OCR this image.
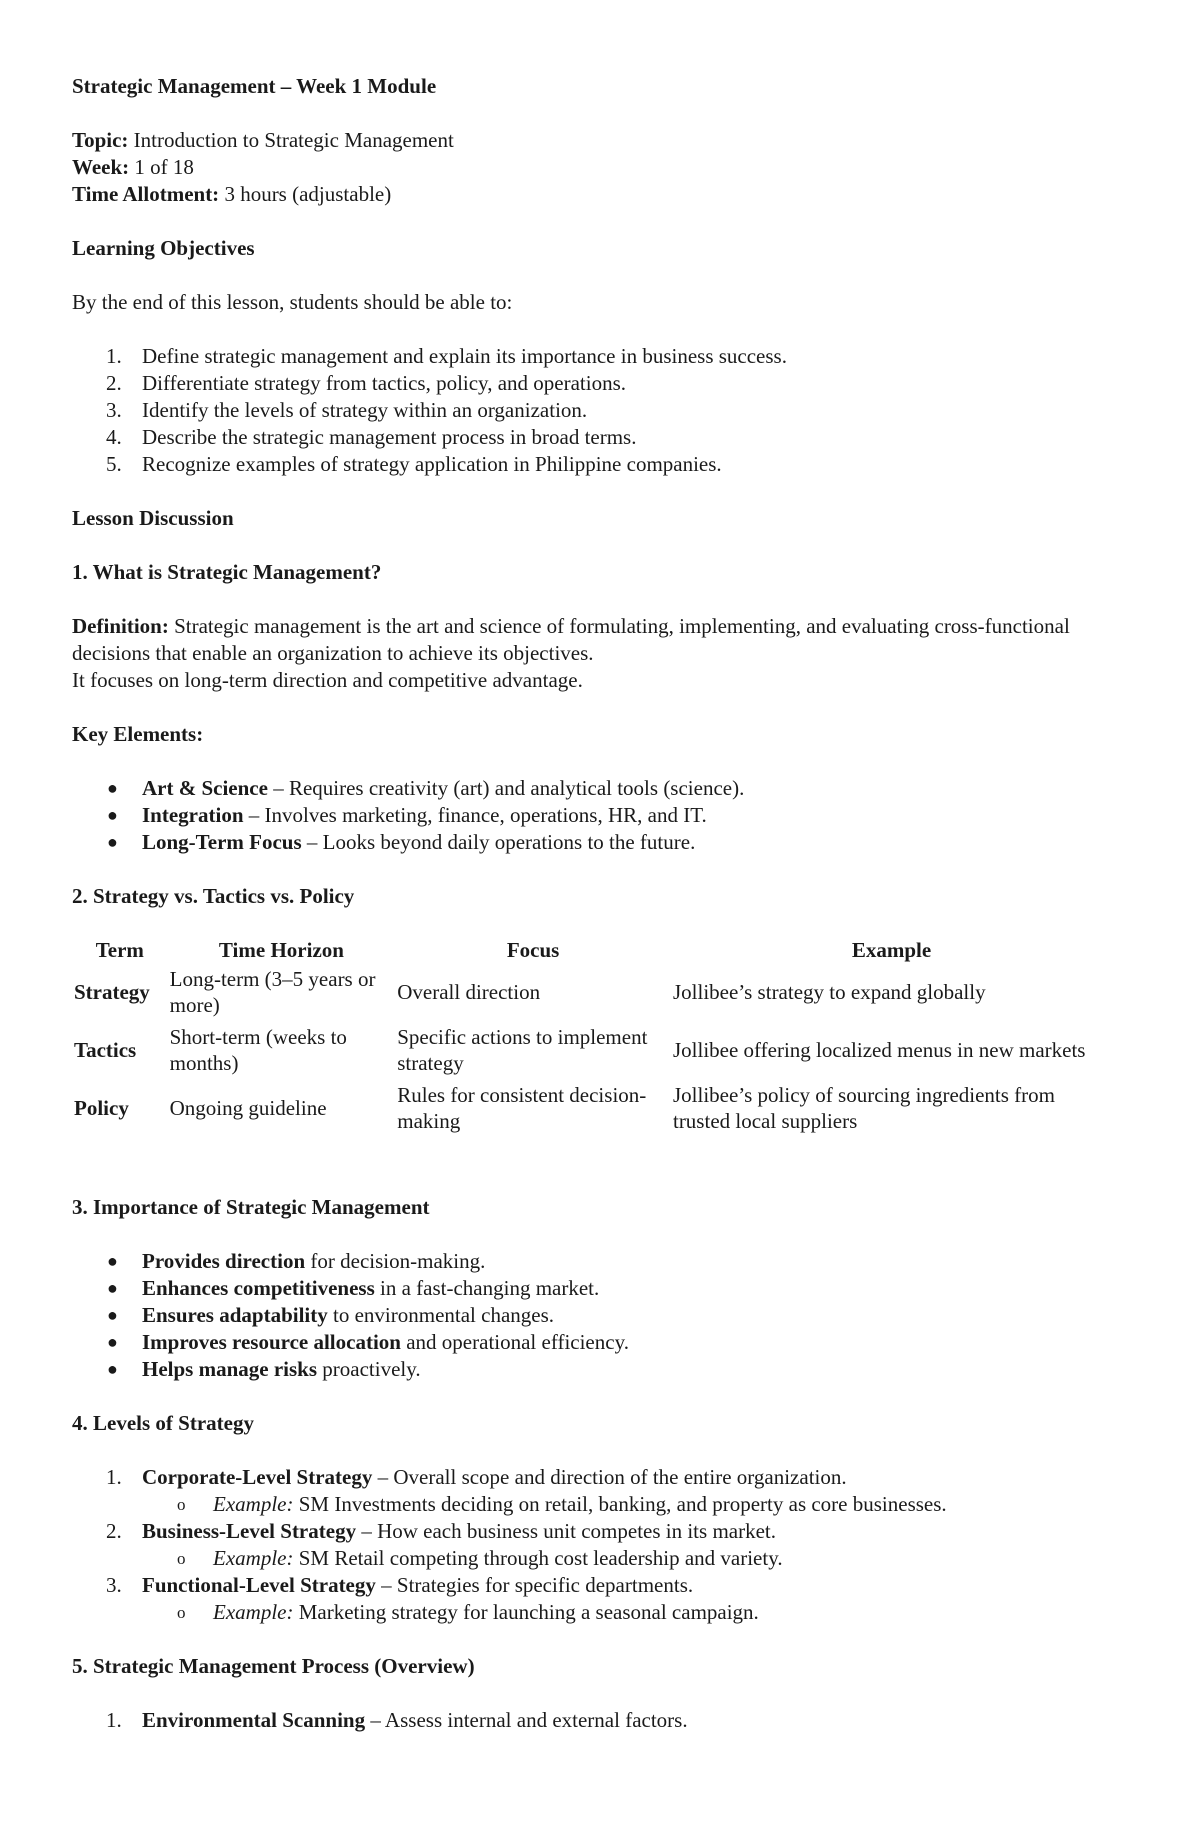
Strategic Management – Week 1 Module

Topic: Introduction to Strategic Management

Week: 1 of 18

Time Allotment: 3 hours (adjustable)

Learning Objectives

By the end of this lesson, students should be able to:

1. Define strategic management and explain its importance in business success.
2. Differentiate strategy from tactics, policy, and operations.
3. Identify the levels of strategy within an organization.
4. Describe the strategic management process in broad terms.
5. Recognize examples of strategy application in Philippine companies.
Lesson Discussion
1. What is Strategic Management?

Definition: Strategic management is the art and science of formulating, implementing, and evaluating cross-functional decisions that enable an organization to achieve its objectives.
It focuses on long-term direction and competitive advantage.

Key Elements:
● Art & Science – Requires creativity (art) and analytical tools (science).
● Integration – Involves marketing, finance, operations, HR, and IT.
● Long-Term Focus – Looks beyond daily operations to the future.
2. Strategy vs. Tactics vs. Policy
Term	Time Horizon	Focus	Example
Strategy	Long-term (3–5 years or more)	Overall direction	Jollibee’s strategy to expand globally
Tactics	Short-term (weeks to months)	Specific actions to implement strategy	Jollibee offering localized menus in new markets
Policy	Ongoing guideline	Rules for consistent decision-making	Jollibee’s policy of sourcing ingredients from trusted local suppliers
3. Importance of Strategic Management
● Provides direction for decision-making.
● Enhances competitiveness in a fast-changing market.
● Ensures adaptability to environmental changes.
● Improves resource allocation and operational efficiency.
● Helps manage risks proactively.
4. Levels of Strategy
1. Corporate-Level Strategy – Overall scope and direction of the entire organization.
o Example: SM Investments deciding on retail, banking, and property as core businesses.
2. Business-Level Strategy – How each business unit competes in its market.
o Example: SM Retail competing through cost leadership and variety.
3. Functional-Level Strategy – Strategies for specific departments.
o Example: Marketing strategy for launching a seasonal campaign.
5. Strategic Management Process (Overview)
1. Environmental Scanning – Assess internal and external factors.
